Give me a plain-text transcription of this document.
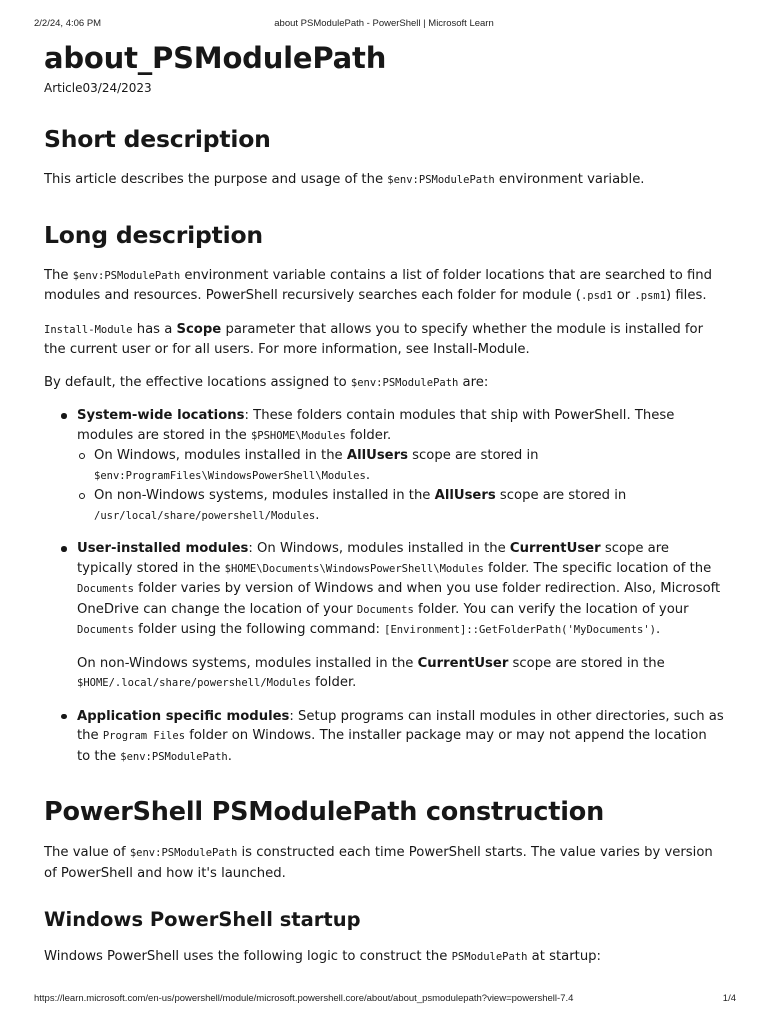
2/2/24, 4:06 PM	about PSModulePath - PowerShell | Microsoft Learn
about_PSModulePath
Article03/24/2023
Short description

This article describes the purpose and usage of the $env:PSModulePath environment variable.

Long description

The $env:PSModulePath environment variable contains a list of folder locations that are searched to find modules and resources. PowerShell recursively searches each folder for module (.psd1 or .psm1) files.

Install-Module has a Scope parameter that allows you to specify whether the module is installed for the current user or for all users. For more information, see Install-Module.

By default, the effective locations assigned to $env:PSModulePath are:

System-wide locations: These folders contain modules that ship with PowerShell. These modules are stored in the $PSHOME\Modules folder.
On Windows, modules installed in the AllUsers scope are stored in $env:ProgramFiles\WindowsPowerShell\Modules.
On non-Windows systems, modules installed in the AllUsers scope are stored in /usr/local/share/powershell/Modules.
User-installed modules: On Windows, modules installed in the CurrentUser scope are typically stored in the $HOME\Documents\WindowsPowerShell\Modules folder. The specific location of the Documents folder varies by version of Windows and when you use folder redirection. Also, Microsoft OneDrive can change the location of your Documents folder. You can verify the location of your Documents folder using the following command: [Environment]::GetFolderPath('MyDocuments').

On non-Windows systems, modules installed in the CurrentUser scope are stored in the $HOME/.local/share/powershell/Modules folder.

Application specific modules: Setup programs can install modules in other directories, such as the Program Files folder on Windows. The installer package may or may not append the location to the $env:PSModulePath.
PowerShell PSModulePath construction

The value of $env:PSModulePath is constructed each time PowerShell starts. The value varies by version of PowerShell and how it's launched.

Windows PowerShell startup

Windows PowerShell uses the following logic to construct the PSModulePath at startup:

https://learn.microsoft.com/en-us/powershell/module/microsoft.powershell.core/about/about_psmodulepath?view=powershell-7.4	1/4
